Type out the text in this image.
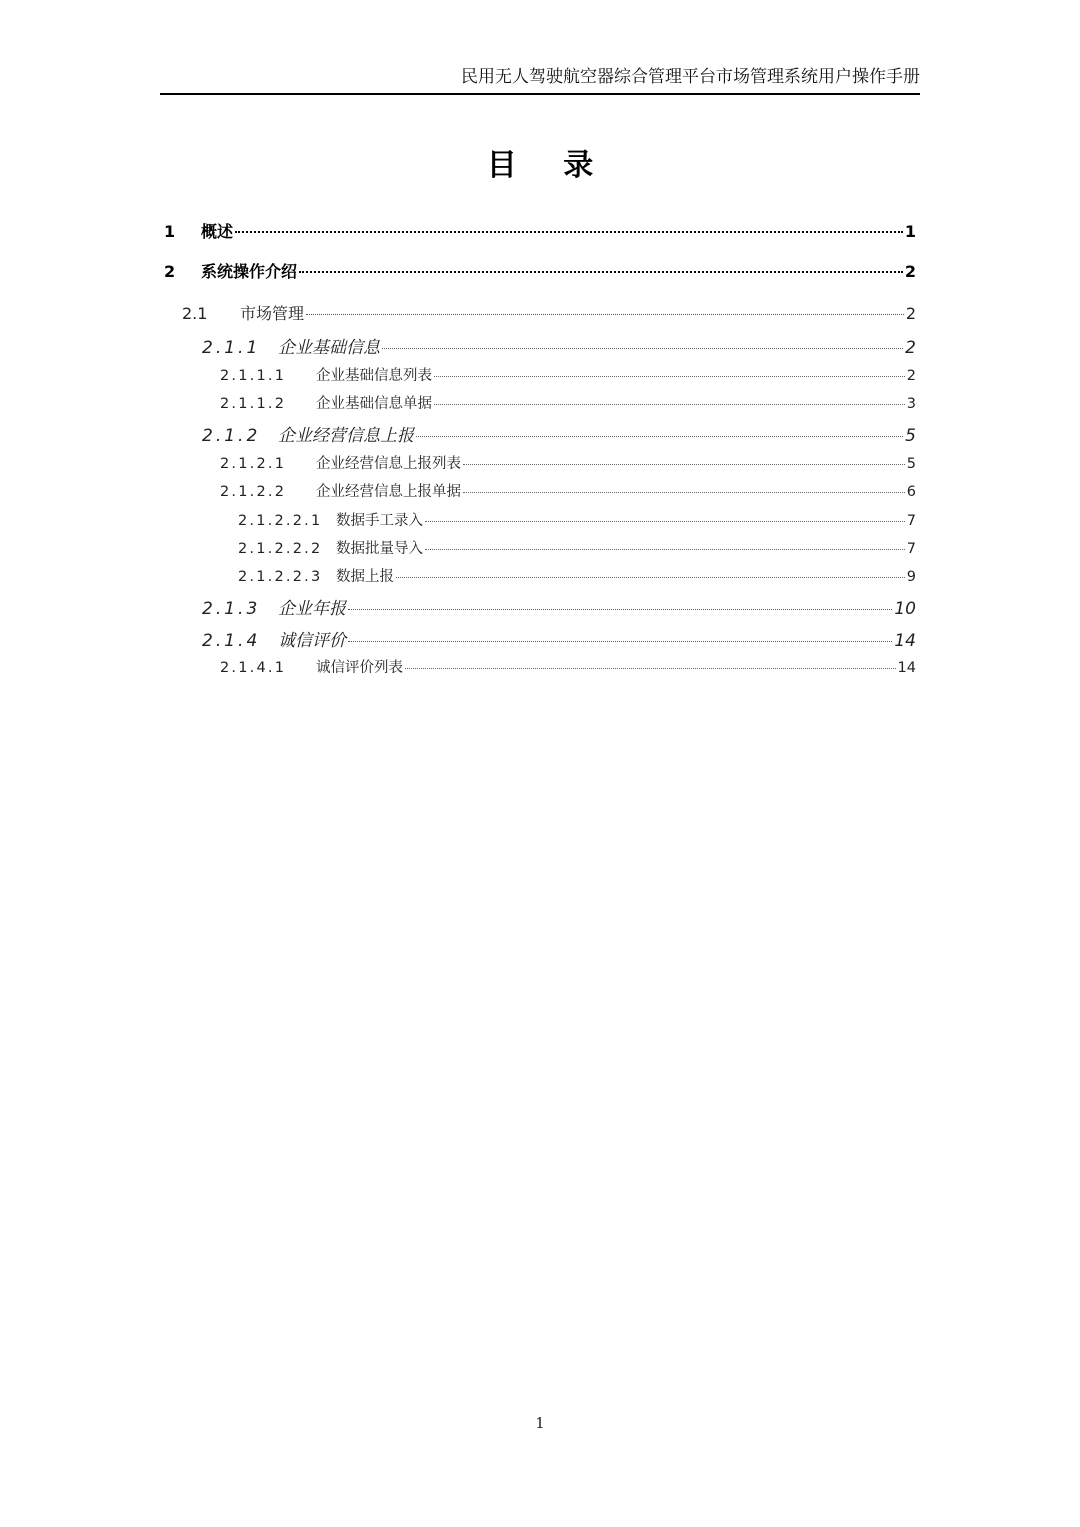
民用无人驾驶航空器综合管理平台市场管理系统用户操作手册
目 录
1	概述	1
2	系统操作介绍	2
2.1	市场管理	2
2.1.1	企业基础信息	2
2.1.1.1	企业基础信息列表	2
2.1.1.2	企业基础信息单据	3
2.1.2	企业经营信息上报	5
2.1.2.1	企业经营信息上报列表	5
2.1.2.2	企业经营信息上报单据	6
2.1.2.2.1 数据手工录入	7
2.1.2.2.2 数据批量导入	7
2.1.2.2.3 数据上报	9
2.1.3	企业年报	10
2.1.4	诚信评价	14
2.1.4.1	诚信评价列表	14
1
